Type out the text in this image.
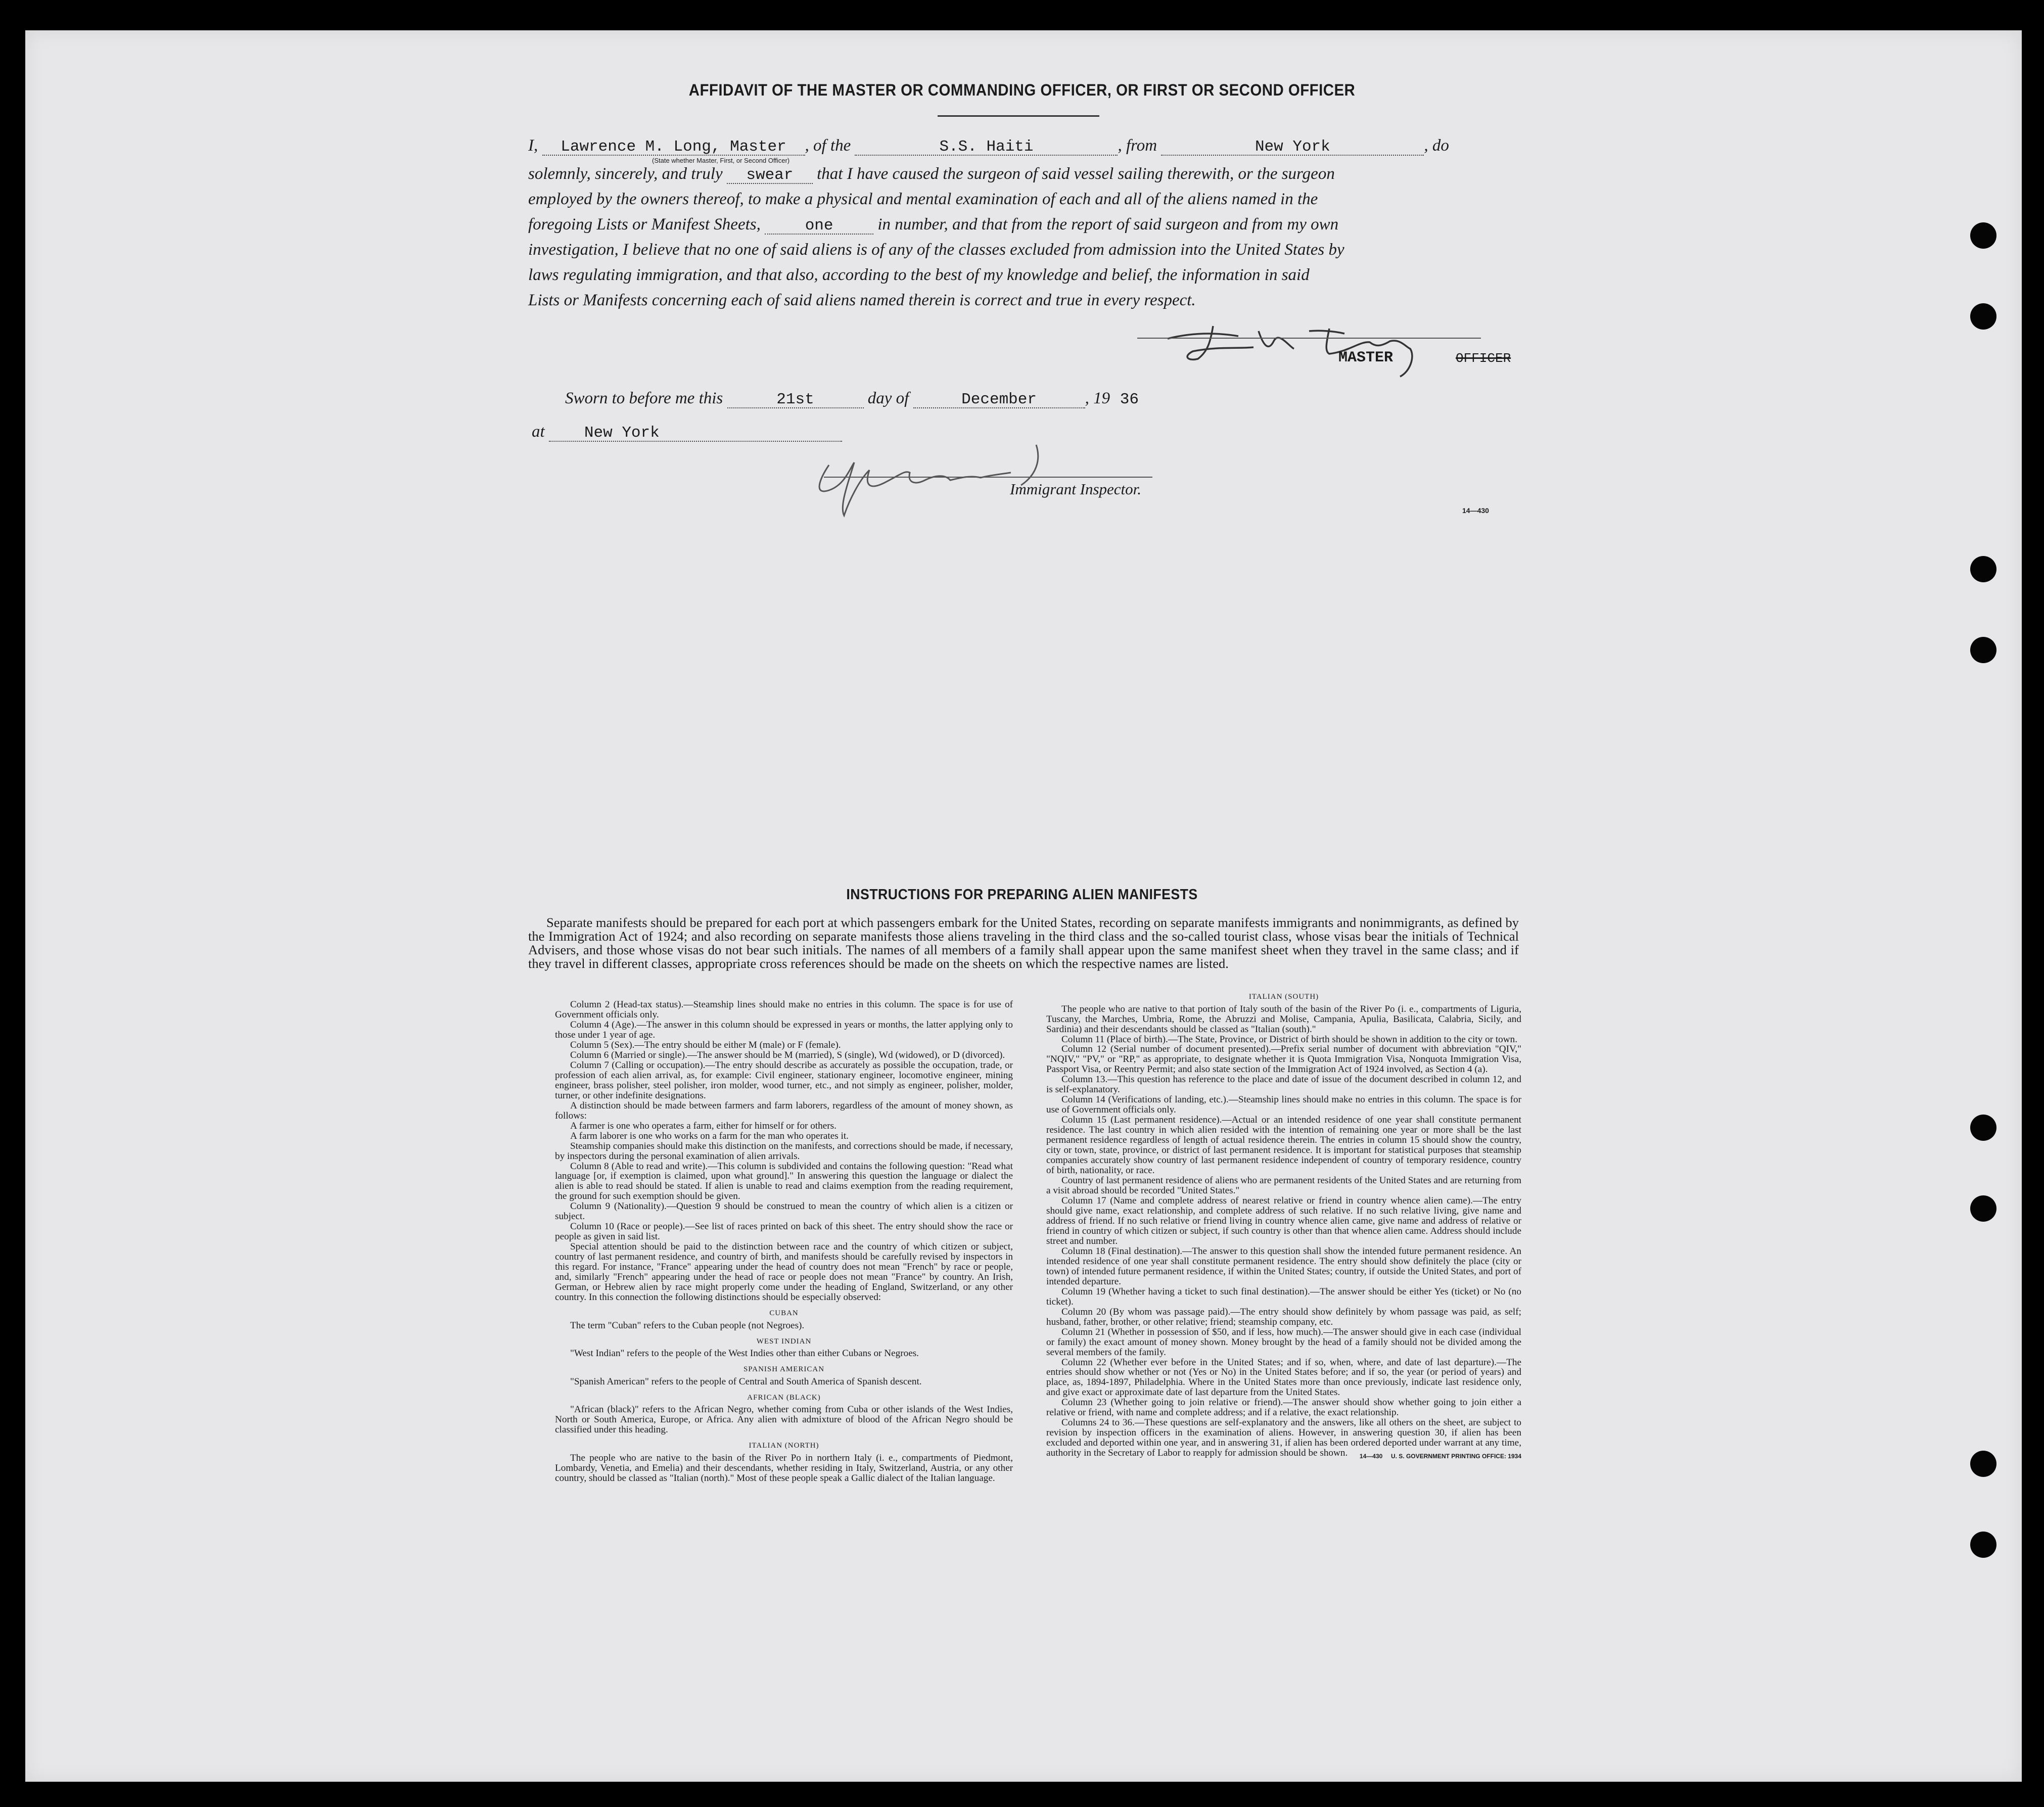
AFFIDAVIT OF THE MASTER OR COMMANDING OFFICER, OR FIRST OR SECOND OFFICER
I, Lawrence M. Long, Master , of the	S.S. Haiti	, from	New York	, do
(State whether Master, First, or Second Officer)
solemnly, sincerely, and truly swear that I have caused the surgeon of said vessel sailing therewith, or the surgeon
employed by the owners thereof, to make a physical and mental examination of each and all of the aliens named in the
foregoing Lists or Manifest Sheets,	one	in number, and that from the report of said surgeon and from my own
investigation, I believe that no one of said aliens is of any of the classes excluded from admission into the United States by
laws regulating immigration, and that also, according to the best of my knowledge and belief, the information in said
Lists or Manifests concerning each of said aliens named therein is correct and true in every respect.
MASTER	OFFICER
Sworn to before me this	21st	day of	December	, 19 36
at	New York
Immigrant Inspector.
14—430
INSTRUCTIONS FOR PREPARING ALIEN MANIFESTS

Separate manifests should be prepared for each port at which passengers embark for the United States, recording on separate manifests immigrants and nonimmigrants, as defined by the Immigration Act of 1924; and also recording on separate manifests those aliens traveling in the third class and the so-called tourist class, whose visas bear the initials of Technical Advisers, and those whose visas do not bear such initials. The names of all members of a family shall appear upon the same manifest sheet when they travel in the same class; and if they travel in different classes, appropriate cross references should be made on the sheets on which the respective names are listed.

Column 2 (Head-tax status).—Steamship lines should make no entries in this column. The space is for use of Government officials only.

Column 4 (Age).—The answer in this column should be expressed in years or months, the latter applying only to those under 1 year of age.

Column 5 (Sex).—The entry should be either M (male) or F (female).

Column 6 (Married or single).—The answer should be M (married), S (single), Wd (widowed), or D (divorced).

Column 7 (Calling or occupation).—The entry should describe as accurately as possible the occupation, trade, or profession of each alien arrival, as, for example: Civil engineer, stationary engineer, locomotive engineer, mining engineer, brass polisher, steel polisher, iron molder, wood turner, etc., and not simply as engineer, polisher, molder, turner, or other indefinite designations.

A distinction should be made between farmers and farm laborers, regardless of the amount of money shown, as follows:

A farmer is one who operates a farm, either for himself or for others.

A farm laborer is one who works on a farm for the man who operates it.

Steamship companies should make this distinction on the manifests, and corrections should be made, if necessary, by inspectors during the personal examination of alien arrivals.

Column 8 (Able to read and write).—This column is subdivided and contains the following question: "Read what language [or, if exemption is claimed, upon what ground]." In answering this question the language or dialect the alien is able to read should be stated. If alien is unable to read and claims exemption from the reading requirement, the ground for such exemption should be given.

Column 9 (Nationality).—Question 9 should be construed to mean the country of which alien is a citizen or subject.

Column 10 (Race or people).—See list of races printed on back of this sheet. The entry should show the race or people as given in said list.

Special attention should be paid to the distinction between race and the country of which citizen or subject, country of last permanent residence, and country of birth, and manifests should be carefully revised by inspectors in this regard. For instance, "France" appearing under the head of country does not mean "French" by race or people, and, similarly "French" appearing under the head of race or people does not mean "France" by country. An Irish, German, or Hebrew alien by race might properly come under the heading of England, Switzerland, or any other country. In this connection the following distinctions should be especially observed:

CUBAN

The term "Cuban" refers to the Cuban people (not Negroes).

WEST INDIAN

"West Indian" refers to the people of the West Indies other than either Cubans or Negroes.

SPANISH AMERICAN

"Spanish American" refers to the people of Central and South America of Spanish descent.

AFRICAN (BLACK)

"African (black)" refers to the African Negro, whether coming from Cuba or other islands of the West Indies, North or South America, Europe, or Africa. Any alien with admixture of blood of the African Negro should be classified under this heading.

ITALIAN (NORTH)

The people who are native to the basin of the River Po in northern Italy (i. e., compartments of Piedmont, Lombardy, Venetia, and Emelia) and their descendants, whether residing in Italy, Switzerland, Austria, or any other country, should be classed as "Italian (north)." Most of these people speak a Gallic dialect of the Italian language.

ITALIAN (SOUTH)

The people who are native to that portion of Italy south of the basin of the River Po (i. e., compartments of Liguria, Tuscany, the Marches, Umbria, Rome, the Abruzzi and Molise, Campania, Apulia, Basilicata, Calabria, Sicily, and Sardinia) and their descendants should be classed as "Italian (south)."

Column 11 (Place of birth).—The State, Province, or District of birth should be shown in addition to the city or town.

Column 12 (Serial number of document presented).—Prefix serial number of document with abbreviation "QIV," "NQIV," "PV," or "RP," as appropriate, to designate whether it is Quota Immigration Visa, Nonquota Immigration Visa, Passport Visa, or Reentry Permit; and also state section of the Immigration Act of 1924 involved, as Section 4 (a).

Column 13.—This question has reference to the place and date of issue of the document described in column 12, and is self-explanatory.

Column 14 (Verifications of landing, etc.).—Steamship lines should make no entries in this column. The space is for use of Government officials only.

Column 15 (Last permanent residence).—Actual or an intended residence of one year shall constitute permanent residence. The last country in which alien resided with the intention of remaining one year or more shall be the last permanent residence regardless of length of actual residence therein. The entries in column 15 should show the country, city or town, state, province, or district of last permanent residence. It is important for statistical purposes that steamship companies accurately show country of last permanent residence independent of country of temporary residence, country of birth, nationality, or race.

Country of last permanent residence of aliens who are permanent residents of the United States and are returning from a visit abroad should be recorded "United States."

Column 17 (Name and complete address of nearest relative or friend in country whence alien came).—The entry should give name, exact relationship, and complete address of such relative. If no such relative living, give name and address of friend. If no such relative or friend living in country whence alien came, give name and address of relative or friend in country of which citizen or subject, if such country is other than that whence alien came. Address should include street and number.

Column 18 (Final destination).—The answer to this question shall show the intended future permanent residence. An intended residence of one year shall constitute permanent residence. The entry should show definitely the place (city or town) of intended future permanent residence, if within the United States; country, if outside the United States, and port of intended departure.

Column 19 (Whether having a ticket to such final destination).—The answer should be either Yes (ticket) or No (no ticket).

Column 20 (By whom was passage paid).—The entry should show definitely by whom passage was paid, as self; husband, father, brother, or other relative; friend; steamship company, etc.

Column 21 (Whether in possession of $50, and if less, how much).—The answer should give in each case (individual or family) the exact amount of money shown. Money brought by the head of a family should not be divided among the several members of the family.

Column 22 (Whether ever before in the United States; and if so, when, where, and date of last departure).—The entries should show whether or not (Yes or No) in the United States before; and if so, the year (or period of years) and place, as, 1894-1897, Philadelphia. Where in the United States more than once previously, indicate last residence only, and give exact or approximate date of last departure from the United States.

Column 23 (Whether going to join relative or friend).—The answer should show whether going to join either a relative or friend, with name and complete address; and if a relative, the exact relationship.

Columns 24 to 36.—These questions are self-explanatory and the answers, like all others on the sheet, are subject to revision by inspection officers in the examination of aliens. However, in answering question 30, if alien has been excluded and deported within one year, and in answering 31, if alien has been ordered deported under warrant at any time, authority in the Secretary of Labor to reapply for admission should be shown.	14—430     U. S. GOVERNMENT PRINTING OFFICE: 1934
